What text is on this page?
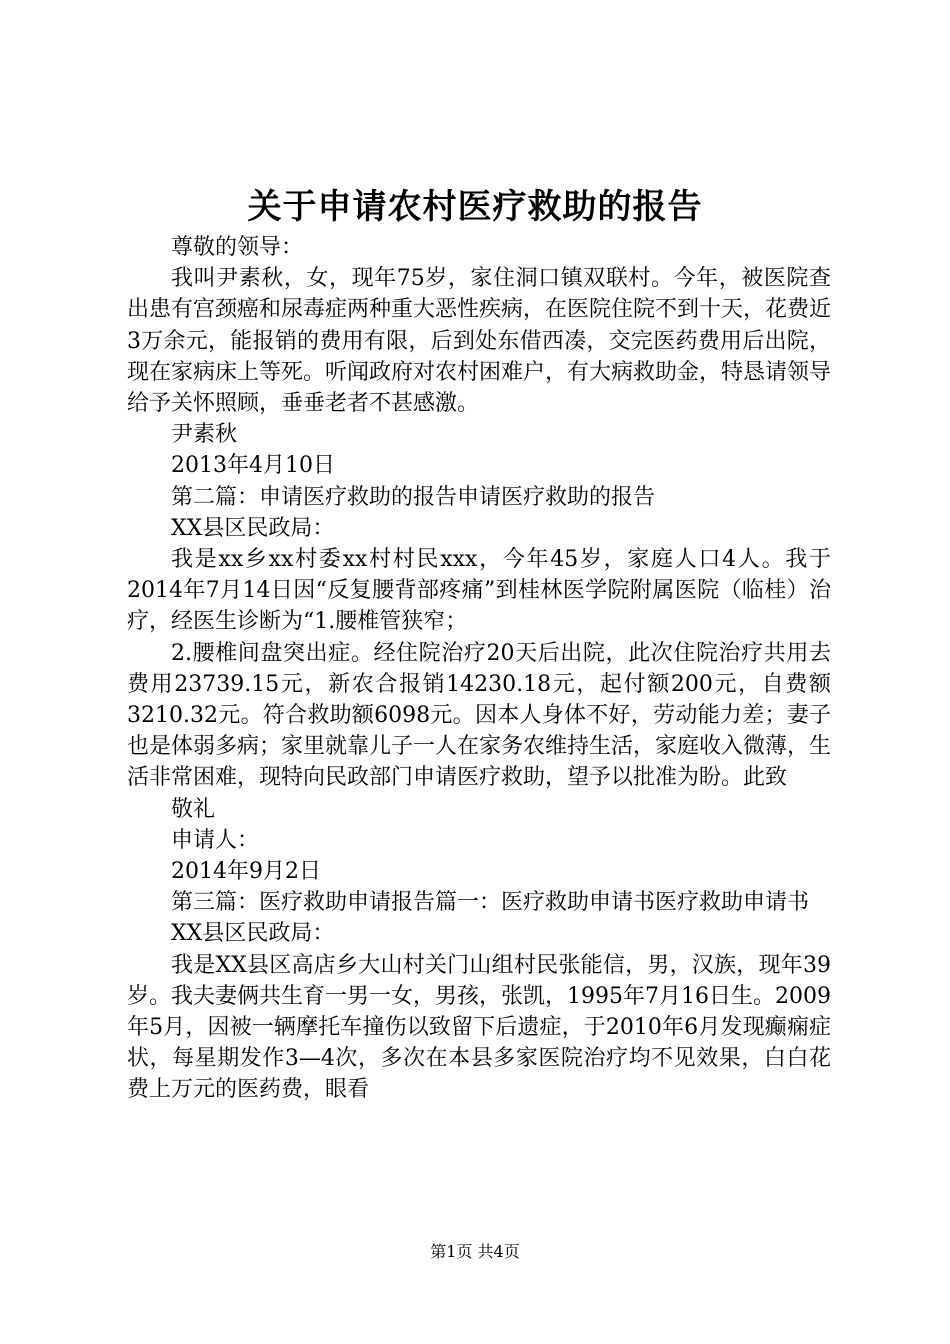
关于申请农村医疗救助的报告

尊敬的领导：

我叫尹素秋，女，现年75岁，家住洞口镇双联村。今年，被医院查出患有宫颈癌和尿毒症两种重大恶性疾病，在医院住院不到十天，花费近3万余元，能报销的费用有限，后到处东借西凑，交完医药费用后出院，现在家病床上等死。听闻政府对农村困难户，有大病救助金，特恳请领导给予关怀照顾，垂垂老者不甚感激。

尹素秋

2013年4月10日

第二篇：申请医疗救助的报告申请医疗救助的报告

XX县区民政局：

我是xx乡xx村委xx村村民xxx，今年45岁，家庭人口4人。我于2014年7月14日因“反复腰背部疼痛”到桂林医学院附属医院（临桂）治疗，经医生诊断为“1.腰椎管狭窄；

2.腰椎间盘突出症。经住院治疗20天后出院，此次住院治疗共用去费用23739.15元，新农合报销14230.18元，起付额200元，自费额3210.32元。符合救助额6098元。因本人身体不好，劳动能力差；妻子也是体弱多病；家里就靠儿子一人在家务农维持生活，家庭收入微薄，生活非常困难，现特向民政部门申请医疗救助，望予以批准为盼。此致

敬礼

申请人：

2014年9月2日

第三篇：医疗救助申请报告篇一：医疗救助申请书医疗救助申请书

XX县区民政局：

我是XX县区高店乡大山村关门山组村民张能信，男，汉族，现年39岁。我夫妻俩共生育一男一女，男孩，张凯，1995年7月16日生。2009年5月，因被一辆摩托车撞伤以致留下后遗症，于2010年6月发现癫痫症状，每星期发作3—4次，多次在本县多家医院治疗均不见效果，白白花费上万元的医药费，眼看

第1页 共4页
